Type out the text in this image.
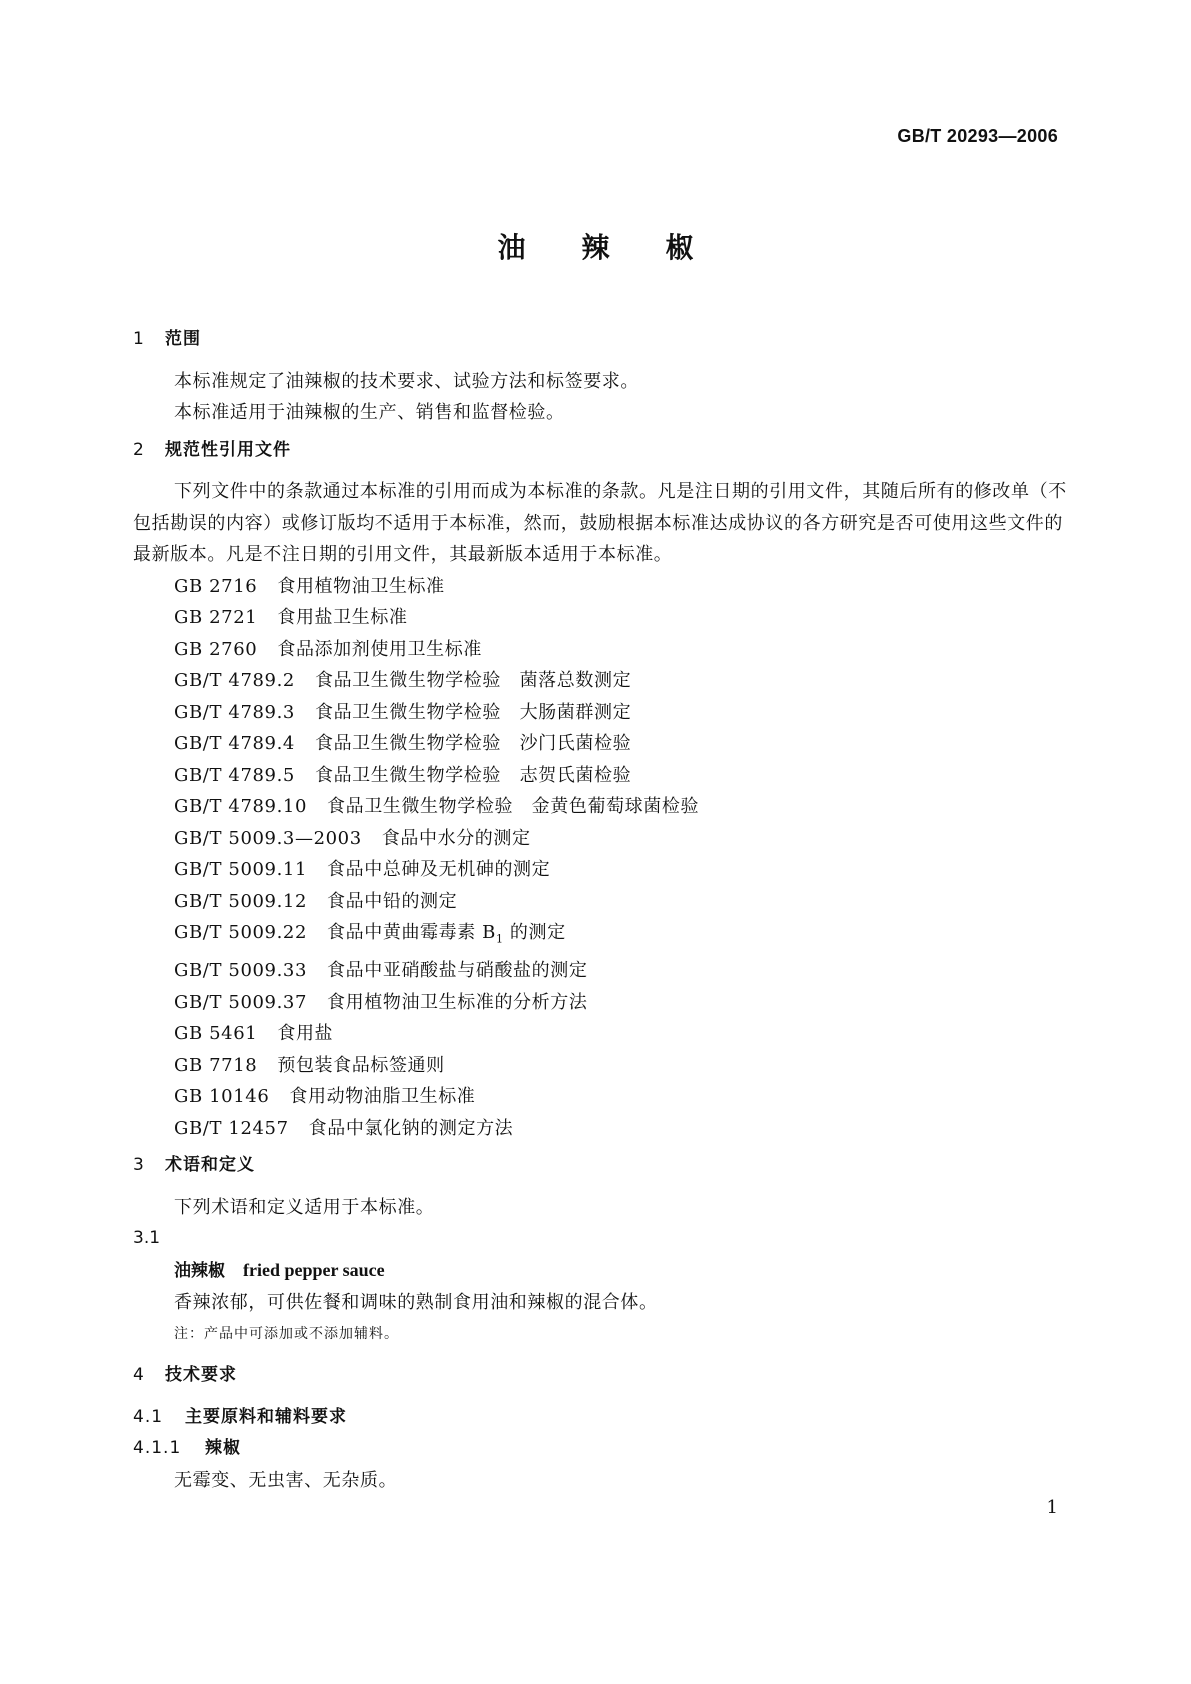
GB/T 20293—2006
油辣椒
1 范围
本标准规定了油辣椒的技术要求、试验方法和标签要求。
本标准适用于油辣椒的生产、销售和监督检验。
2 规范性引用文件
下列文件中的条款通过本标准的引用而成为本标准的条款。凡是注日期的引用文件，其随后所有的修改单（不包括勘误的内容）或修订版均不适用于本标准，然而，鼓励根据本标准达成协议的各方研究是否可使用这些文件的最新版本。凡是不注日期的引用文件，其最新版本适用于本标准。
GB 2716 食用植物油卫生标准
GB 2721 食用盐卫生标准
GB 2760 食品添加剂使用卫生标准
GB/T 4789.2 食品卫生微生物学检验　菌落总数测定
GB/T 4789.3 食品卫生微生物学检验　大肠菌群测定
GB/T 4789.4 食品卫生微生物学检验　沙门氏菌检验
GB/T 4789.5 食品卫生微生物学检验　志贺氏菌检验
GB/T 4789.10 食品卫生微生物学检验　金黄色葡萄球菌检验
GB/T 5009.3—2003 食品中水分的测定
GB/T 5009.11 食品中总砷及无机砷的测定
GB/T 5009.12 食品中铅的测定
GB/T 5009.22 食品中黄曲霉毒素 $B_1$ 的测定
GB/T 5009.33 食品中亚硝酸盐与硝酸盐的测定
GB/T 5009.37 食用植物油卫生标准的分析方法
GB 5461 食用盐
GB 7718 预包装食品标签通则
GB 10146 食用动物油脂卫生标准
GB/T 12457 食品中氯化钠的测定方法
3 术语和定义
下列术语和定义适用于本标准。
3.1
油辣椒 fried pepper sauce
香辣浓郁，可供佐餐和调味的熟制食用油和辣椒的混合体。
注：产品中可添加或不添加辅料。
4 技术要求
4.1 主要原料和辅料要求
4.1.1 辣椒
无霉变、无虫害、无杂质。
1
